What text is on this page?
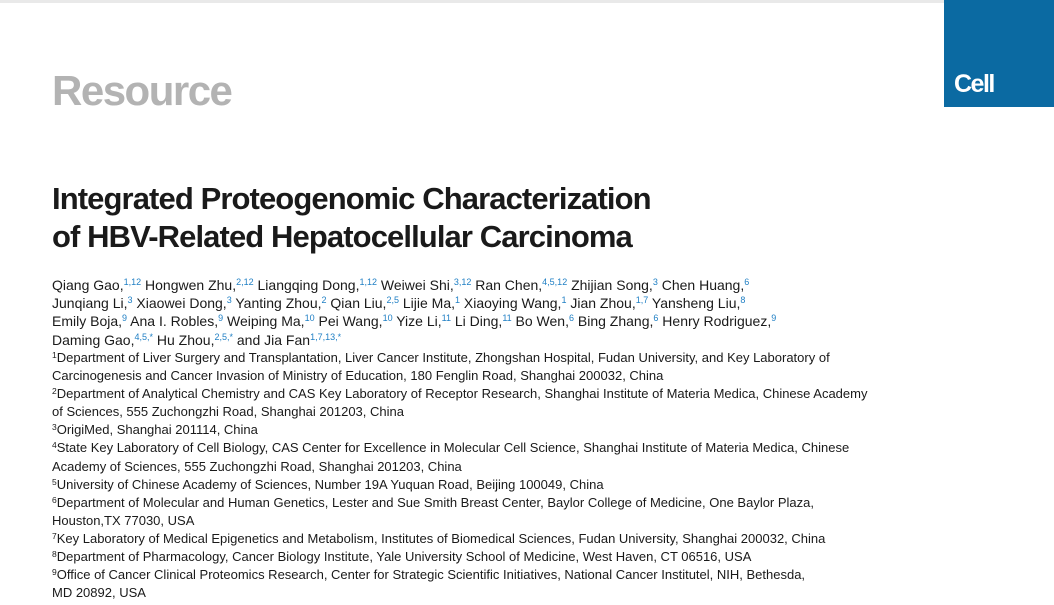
Resource	Cell
Integrated Proteogenomic Characterization
of HBV-Related Hepatocellular Carcinoma
Qiang Gao,$^{1,12}$ Hongwen Zhu,$^{2,12}$ Liangqing Dong,$^{1,12}$ Weiwei Shi,$^{3,12}$ Ran Chen,$^{4,5,12}$ Zhijian Song,$^3$ Chen Huang,$^6$
Junqiang Li,$^3$ Xiaowei Dong,$^3$ Yanting Zhou,$^2$ Qian Liu,$^{2,5}$ Lijie Ma,$^1$ Xiaoying Wang,$^1$ Jian Zhou,$^{1,7}$ Yansheng Liu,$^8$
Emily Boja,$^9$ Ana I. Robles,$^9$ Weiping Ma,$^{10}$ Pei Wang,$^{10}$ Yize Li,$^{11}$ Li Ding,$^{11}$ Bo Wen,$^6$ Bing Zhang,$^6$ Henry Rodriguez,$^9$
Daming Gao,$^{4,5,*}$ Hu Zhou,$^{2,5,*}$ and Jia Fan$^{1,7,13,*}$
$^1$Department of Liver Surgery and Transplantation, Liver Cancer Institute, Zhongshan Hospital, Fudan University, and Key Laboratory of
Carcinogenesis and Cancer Invasion of Ministry of Education, 180 Fenglin Road, Shanghai 200032, China
$^2$Department of Analytical Chemistry and CAS Key Laboratory of Receptor Research, Shanghai Institute of Materia Medica, Chinese Academy
of Sciences, 555 Zuchongzhi Road, Shanghai 201203, China
$^3$OrigiMed, Shanghai 201114, China
$^4$State Key Laboratory of Cell Biology, CAS Center for Excellence in Molecular Cell Science, Shanghai Institute of Materia Medica, Chinese
Academy of Sciences, 555 Zuchongzhi Road, Shanghai 201203, China
$^5$University of Chinese Academy of Sciences, Number 19A Yuquan Road, Beijing 100049, China
$^6$Department of Molecular and Human Genetics, Lester and Sue Smith Breast Center, Baylor College of Medicine, One Baylor Plaza,
Houston,TX 77030, USA
$^7$Key Laboratory of Medical Epigenetics and Metabolism, Institutes of Biomedical Sciences, Fudan University, Shanghai 200032, China
$^8$Department of Pharmacology, Cancer Biology Institute, Yale University School of Medicine, West Haven, CT 06516, USA
$^9$Office of Cancer Clinical Proteomics Research, Center for Strategic Scientific Initiatives, National Cancer Institutel, NIH, Bethesda,
MD 20892, USA
